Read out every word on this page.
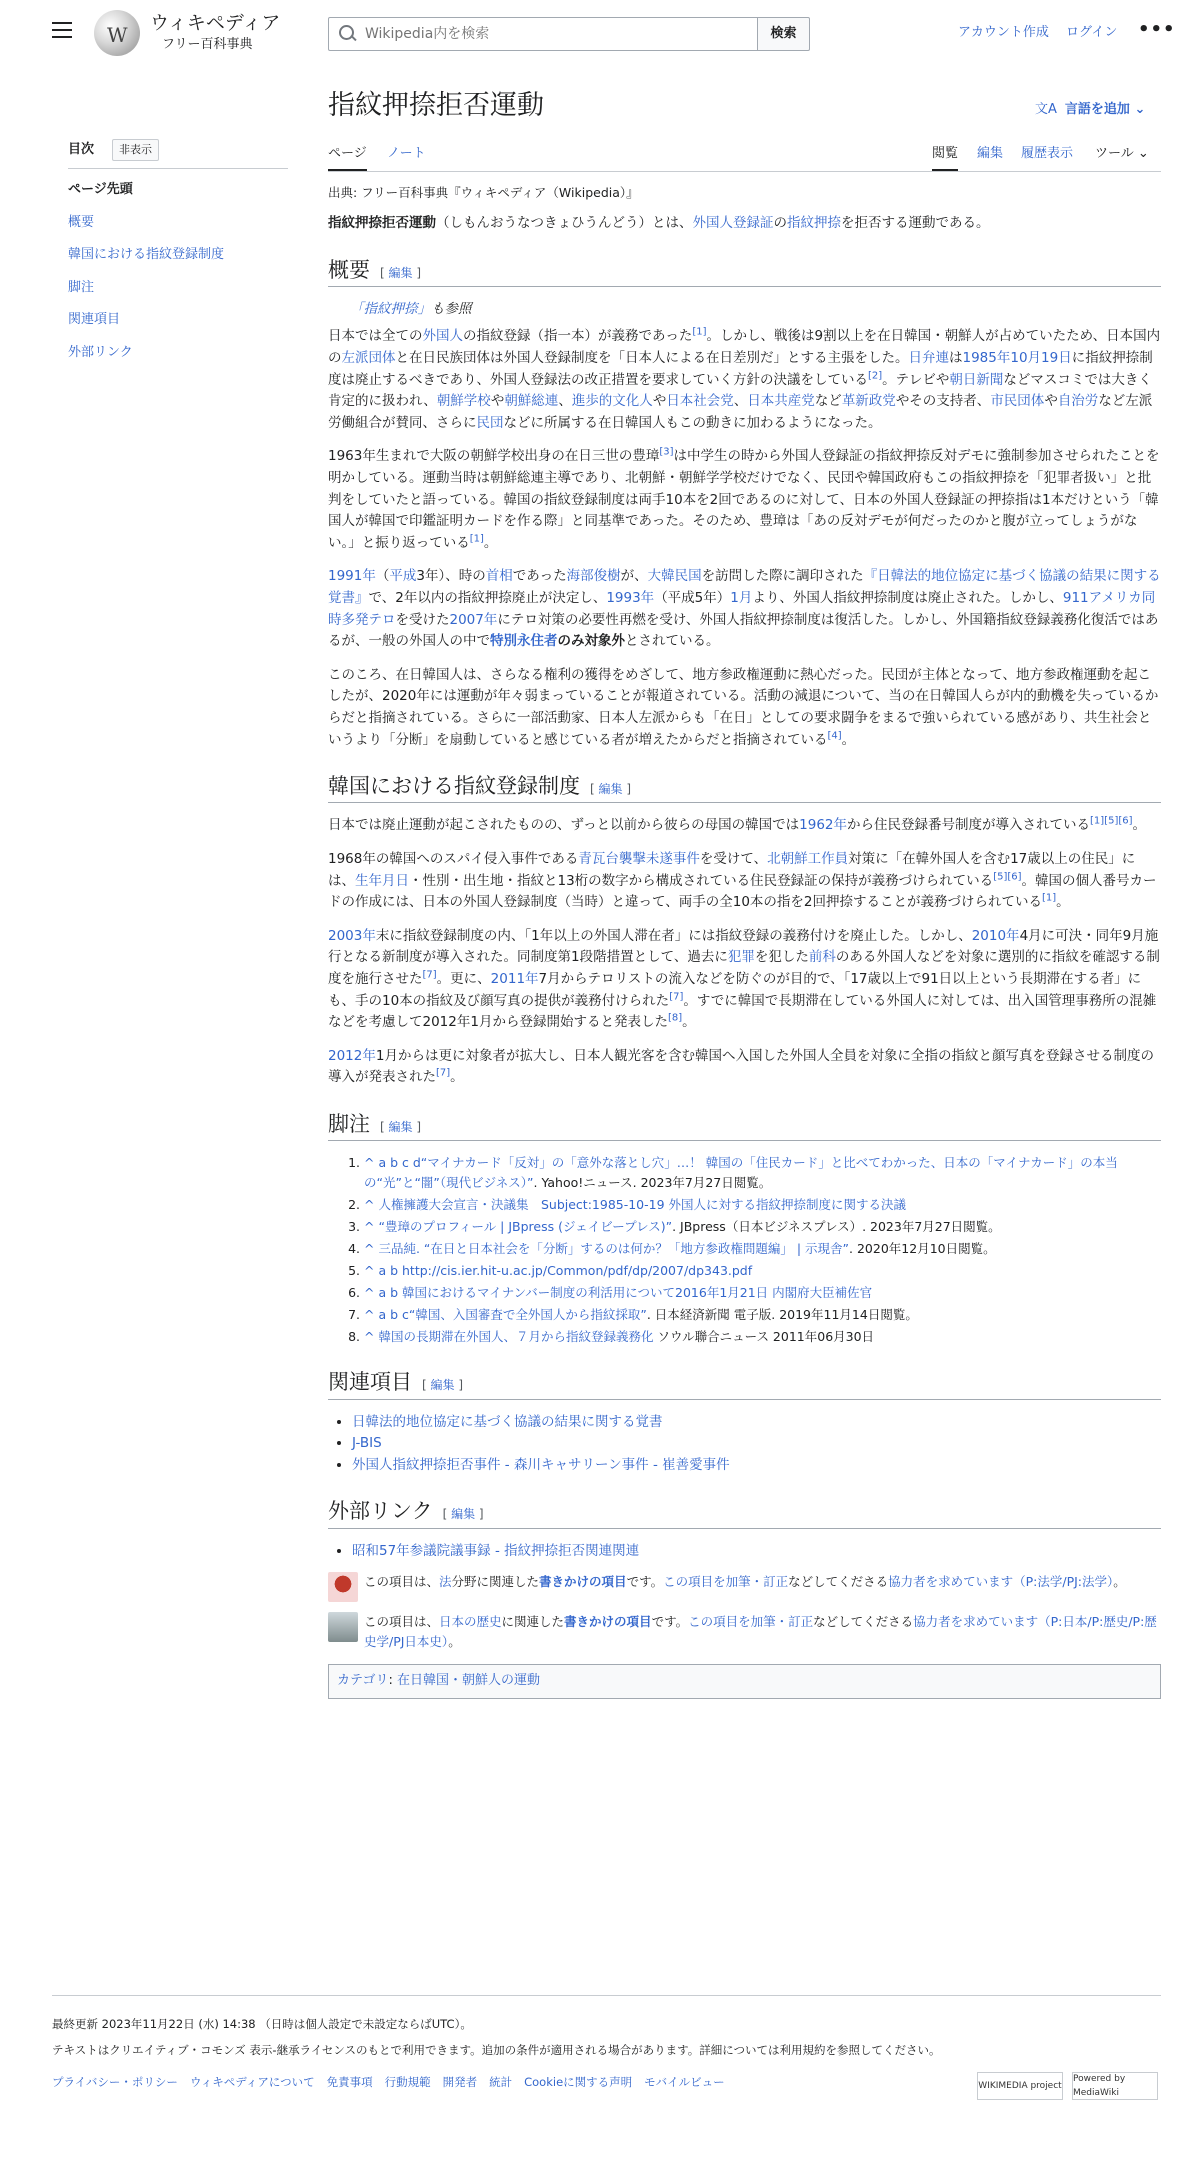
W
ウィキペディア
フリー百科事典
Wikipedia内を検索
検索	アカウント作成 ログイン •••
目次	非表示
ページ先頭
概要
韓国における指紋登録制度
脚注
関連項目
外部リンク
指紋押捺拒否運動	文A 言語を追加 ⌄
ページ ノート	閲覧 編集 履歴表示 ツール ⌄

出典: フリー百科事典『ウィキペディア（Wikipedia）』

指紋押捺拒否運動（しもんおうなつきょひうんどう）とは、外国人登録証の指紋押捺を拒否する運動である。

概要 [ 編集 ]

「指紋押捺」も参照

日本では全ての外国人の指紋登録（指一本）が義務であった[1]。しかし、戦後は9割以上を在日韓国・朝鮮人が占めていたため、日本国内の左派団体と在日民族団体は外国人登録制度を「日本人による在日差別だ」とする主張をした。日弁連は1985年10月19日に指紋押捺制度は廃止するべきであり、外国人登録法の改正措置を要求していく方針の決議をしている[2]。テレビや朝日新聞などマスコミでは大きく肯定的に扱われ、朝鮮学校や朝鮮総連、進歩的文化人や日本社会党、日本共産党など革新政党やその支持者、市民団体や自治労など左派労働組合が賛同、さらに民団などに所属する在日韓国人もこの動きに加わるようになった。

1963年生まれで大阪の朝鮮学校出身の在日三世の豊璋[3]は中学生の時から外国人登録証の指紋押捺反対デモに強制参加させられたことを明かしている。運動当時は朝鮮総連主導であり、北朝鮮・朝鮮学学校だけでなく、民団や韓国政府もこの指紋押捺を「犯罪者扱い」と批判をしていたと語っている。韓国の指紋登録制度は両手10本を2回であるのに対して、日本の外国人登録証の押捺指は1本だけという「韓国人が韓国で印鑑証明カードを作る際」と同基準であった。そのため、豊璋は「あの反対デモが何だったのかと腹が立ってしょうがない。」と振り返っている[1]。

1991年（平成3年）、時の首相であった海部俊樹が、大韓民国を訪問した際に調印された『日韓法的地位協定に基づく協議の結果に関する覚書』で、2年以内の指紋押捺廃止が決定し、1993年（平成5年）1月より、外国人指紋押捺制度は廃止された。しかし、911アメリカ同時多発テロを受けた2007年にテロ対策の必要性再燃を受け、外国人指紋押捺制度は復活した。しかし、外国籍指紋登録義務化復活ではあるが、一般の外国人の中で特別永住者のみ対象外とされている。

このころ、在日韓国人は、さらなる権利の獲得をめざして、地方参政権運動に熱心だった。民団が主体となって、地方参政権運動を起こしたが、2020年には運動が年々弱まっていることが報道されている。活動の減退について、当の在日韓国人らが内的動機を失っているからだと指摘されている。さらに一部活動家、日本人左派からも「在日」としての要求闘争をまるで強いられている感があり、共生社会というより「分断」を扇動していると感じている者が増えたからだと指摘されている[4]。

韓国における指紋登録制度 [ 編集 ]

日本では廃止運動が起こされたものの、ずっと以前から彼らの母国の韓国では1962年から住民登録番号制度が導入されている[1][5][6]。

1968年の韓国へのスパイ侵入事件である青瓦台襲撃未遂事件を受けて、北朝鮮工作員対策に「在韓外国人を含む17歳以上の住民」には、生年月日・性別・出生地・指紋と13桁の数字から構成されている住民登録証の保持が義務づけられている[5][6]。韓国の個人番号カードの作成には、日本の外国人登録制度（当時）と違って、両手の全10本の指を2回押捺することが義務づけられている[1]。

2003年末に指紋登録制度の内、「1年以上の外国人滞在者」には指紋登録の義務付けを廃止した。しかし、2010年4月に可決・同年9月施行となる新制度が導入された。同制度第1段階措置として、過去に犯罪を犯した前科のある外国人などを対象に選別的に指紋を確認する制度を施行させた[7]。更に、2011年7月からテロリストの流入などを防ぐのが目的で、「17歳以上で91日以上という長期滞在する者」にも、手の10本の指紋及び顔写真の提供が義務付けられた[7]。すでに韓国で長期滞在している外国人に対しては、出入国管理事務所の混雑などを考慮して2012年1月から登録開始すると発表した[8]。

2012年1月からは更に対象者が拡大し、日本人観光客を含む韓国へ入国した外国人全員を対象に全指の指紋と顔写真を登録させる制度の導入が発表された[7]。

脚注 [ 編集 ]
1. ^ a b c d“マイナカード「反対」の「意外な落とし穴」…！ 韓国の「住民カード」と比べてわかった、日本の「マイナカード」の本当の“光”と“闇”（現代ビジネス）”. Yahoo!ニュース. 2023年7月27日閲覧。
2. ^ 人権擁護大会宣言・決議集　Subject:1985-10-19 外国人に対する指紋押捺制度に関する決議
3. ^ “豊璋のプロフィール | JBpress (ジェイビープレス)”. JBpress（日本ビジネスプレス）. 2023年7月27日閲覧。
4. ^ 三品純. “在日と日本社会を「分断」するのは何か？「地方参政権問題編」 | 示現舎”. 2020年12月10日閲覧。
5. ^ a b http://cis.ier.hit-u.ac.jp/Common/pdf/dp/2007/dp343.pdf
6. ^ a b 韓国におけるマイナンバー制度の利活用について2016年1月21日 内閣府大臣補佐官
7. ^ a b c“韓国、入国審査で全外国人から指紋採取”. 日本経済新聞 電子版. 2019年11月14日閲覧。
8. ^ 韓国の長期滞在外国人、７月から指紋登録義務化 ソウル聯合ニュース 2011年06月30日
関連項目 [ 編集 ]
• 日韓法的地位協定に基づく協議の結果に関する覚書
• J-BIS
• 外国人指紋押捺拒否事件 - 森川キャサリーン事件 - 崔善愛事件
外部リンク [ 編集 ]
• 昭和57年参議院議事録 - 指紋押捺拒否関連関連
この項目は、法分野に関連した書きかけの項目です。この項目を加筆・訂正などしてくださる協力者を求めています（P:法学/PJ:法学）。
この項目は、日本の歴史に関連した書きかけの項目です。この項目を加筆・訂正などしてくださる協力者を求めています（P:日本/P:歴史/P:歴史学/PJ日本史）。
カテゴリ: 在日韓国・朝鮮人の運動
最終更新 2023年11月22日 (水) 14:38 （日時は個人設定で未設定ならばUTC）。
テキストはクリエイティブ・コモンズ 表示-継承ライセンスのもとで利用できます。追加の条件が適用される場合があります。詳細については利用規約を参照してください。
プライバシー・ポリシー ウィキペディアについて 免責事項 行動規範 開発者 統計 Cookieに関する声明 モバイルビュー	WIKIMEDIA project
Powered by MediaWiki
